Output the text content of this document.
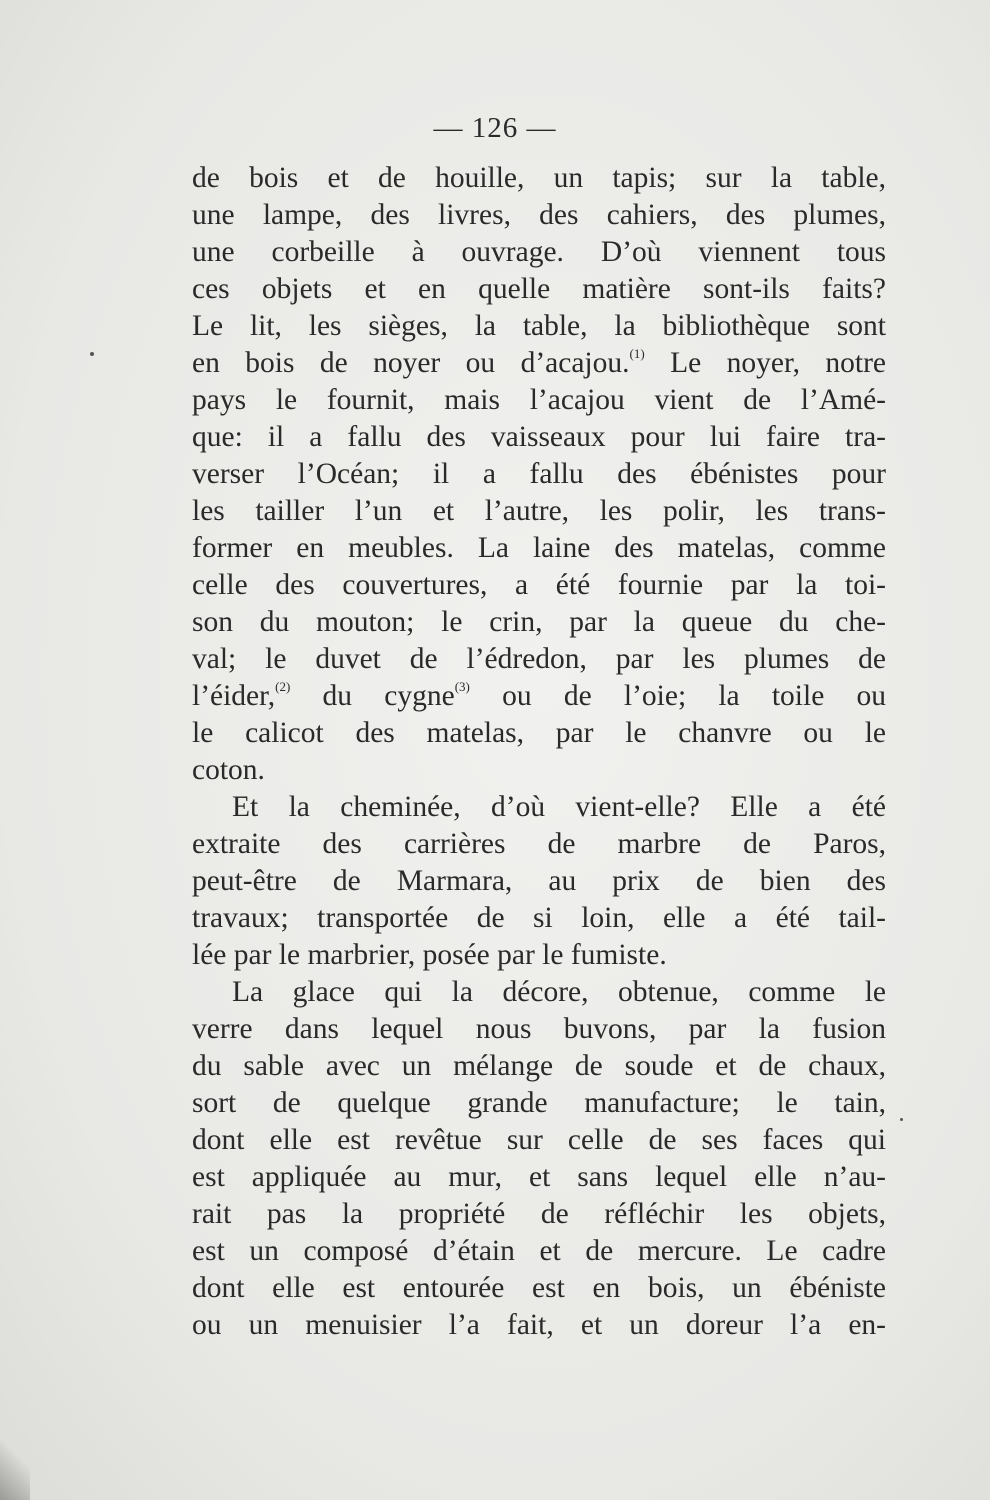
— 126 —
de bois et de houille, un tapis; sur la table,
une lampe, des livres, des cahiers, des plumes,
une corbeille à ouvrage. D’où viennent tous
ces objets et en quelle matière sont-ils faits?
Le lit, les sièges, la table, la bibliothèque sont
en bois de noyer ou d’acajou.$^{(1)}$ Le noyer, notre
pays le fournit, mais l’acajou vient de l’Amé-
que: il a fallu des vaisseaux pour lui faire tra-
verser l’Océan; il a fallu des ébénistes pour
les tailler l’un et l’autre, les polir, les trans-
former en meubles. La laine des matelas, comme
celle des couvertures, a été fournie par la toi-
son du mouton; le crin, par la queue du che-
val; le duvet de l’édredon, par les plumes de
l’éider,$^{(2)}$ du cygne$^{(3)}$ ou de l’oie; la toile ou
le calicot des matelas, par le chanvre ou le
coton.
Et la cheminée, d’où vient-elle? Elle a été
extraite des carrières de marbre de Paros,
peut-être de Marmara, au prix de bien des
travaux; transportée de si loin, elle a été tail-
lée par le marbrier, posée par le fumiste.
La glace qui la décore, obtenue, comme le
verre dans lequel nous buvons, par la fusion
du sable avec un mélange de soude et de chaux,
sort de quelque grande manufacture; le tain,
dont elle est revêtue sur celle de ses faces qui
est appliquée au mur, et sans lequel elle n’au-
rait pas la propriété de réfléchir les objets,
est un composé d’étain et de mercure. Le cadre
dont elle est entourée est en bois, un ébéniste
ou un menuisier l’a fait, et un doreur l’a en-
